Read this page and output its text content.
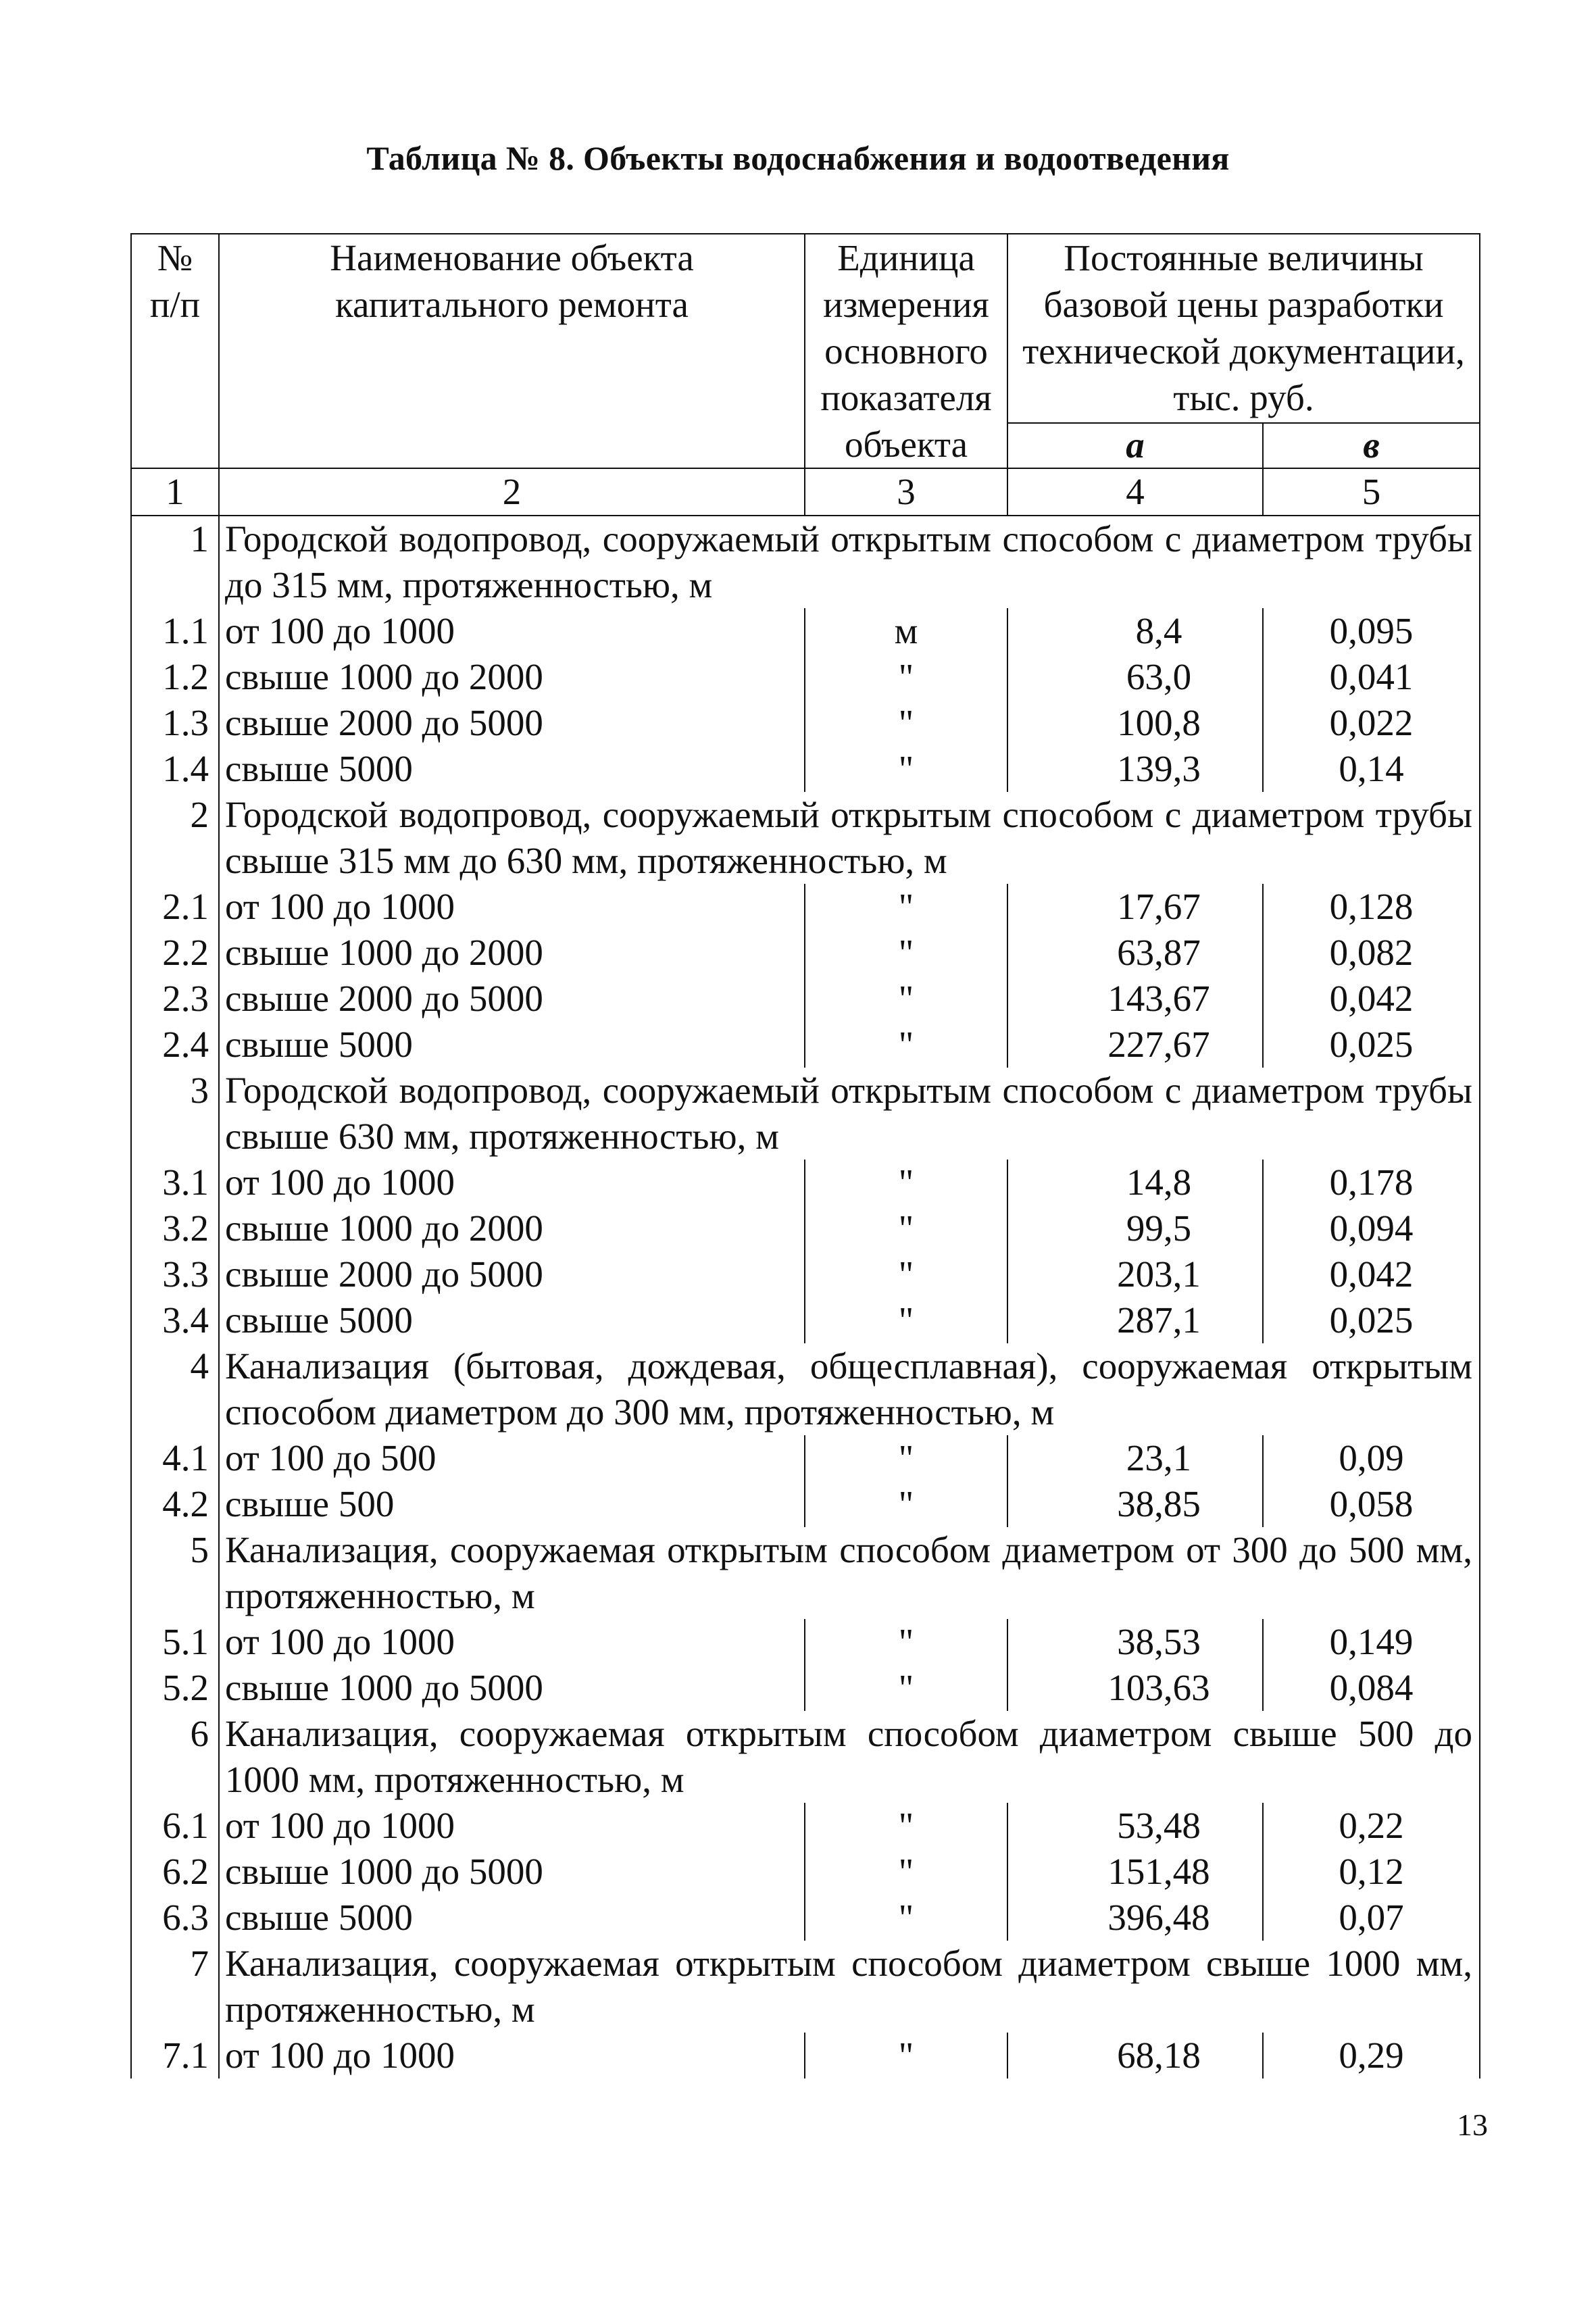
Таблица № 8. Объекты водоснабжения и водоотведения
№ п/п	Наименование объекта капитального ремонта	Единица измерения основного показателя объекта	Постоянные величины базовой цены разработки технической документации, тыс. руб.	
			а	в
1	2	3	4	5
1	Городской водопровод, сооружаемый открытым способом с диаметром трубы до 315 мм, протяженностью, м			
1.1	от 100 до 1000	м	8,4	0,095
1.2	свыше 1000 до 2000	"	63,0	0,041
1.3	свыше 2000 до 5000	"	100,8	0,022
1.4	свыше 5000	"	139,3	0,14
2	Городской водопровод, сооружаемый открытым способом с диаметром трубы свыше 315 мм до 630 мм, протяженностью, м			
2.1	от 100 до 1000	"	17,67	0,128
2.2	свыше 1000 до 2000	"	63,87	0,082
2.3	свыше 2000 до 5000	"	143,67	0,042
2.4	свыше 5000	"	227,67	0,025
3	Городской водопровод, сооружаемый открытым способом с диаметром трубы свыше 630 мм, протяженностью, м			
3.1	от 100 до 1000	"	14,8	0,178
3.2	свыше 1000 до 2000	"	99,5	0,094
3.3	свыше 2000 до 5000	"	203,1	0,042
3.4	свыше 5000	"	287,1	0,025
4	Канализация (бытовая, дождевая, общесплавная), сооружаемая открытым способом диаметром до 300 мм, протяженностью, м			
4.1	от 100 до 500	"	23,1	0,09
4.2	свыше 500	"	38,85	0,058
5	Канализация, сооружаемая открытым способом диаметром от 300 до 500 мм, протяженностью, м			
5.1	от 100 до 1000	"	38,53	0,149
5.2	свыше 1000 до 5000	"	103,63	0,084
6	Канализация, сооружаемая открытым способом диаметром свыше 500 до 1000 мм, протяженностью, м			
6.1	от 100 до 1000	"	53,48	0,22
6.2	свыше 1000 до 5000	"	151,48	0,12
6.3	свыше 5000	"	396,48	0,07
7	Канализация, сооружаемая открытым способом диаметром свыше 1000 мм, протяженностью, м			
7.1	от 100 до 1000	"	68,18	0,29
13
